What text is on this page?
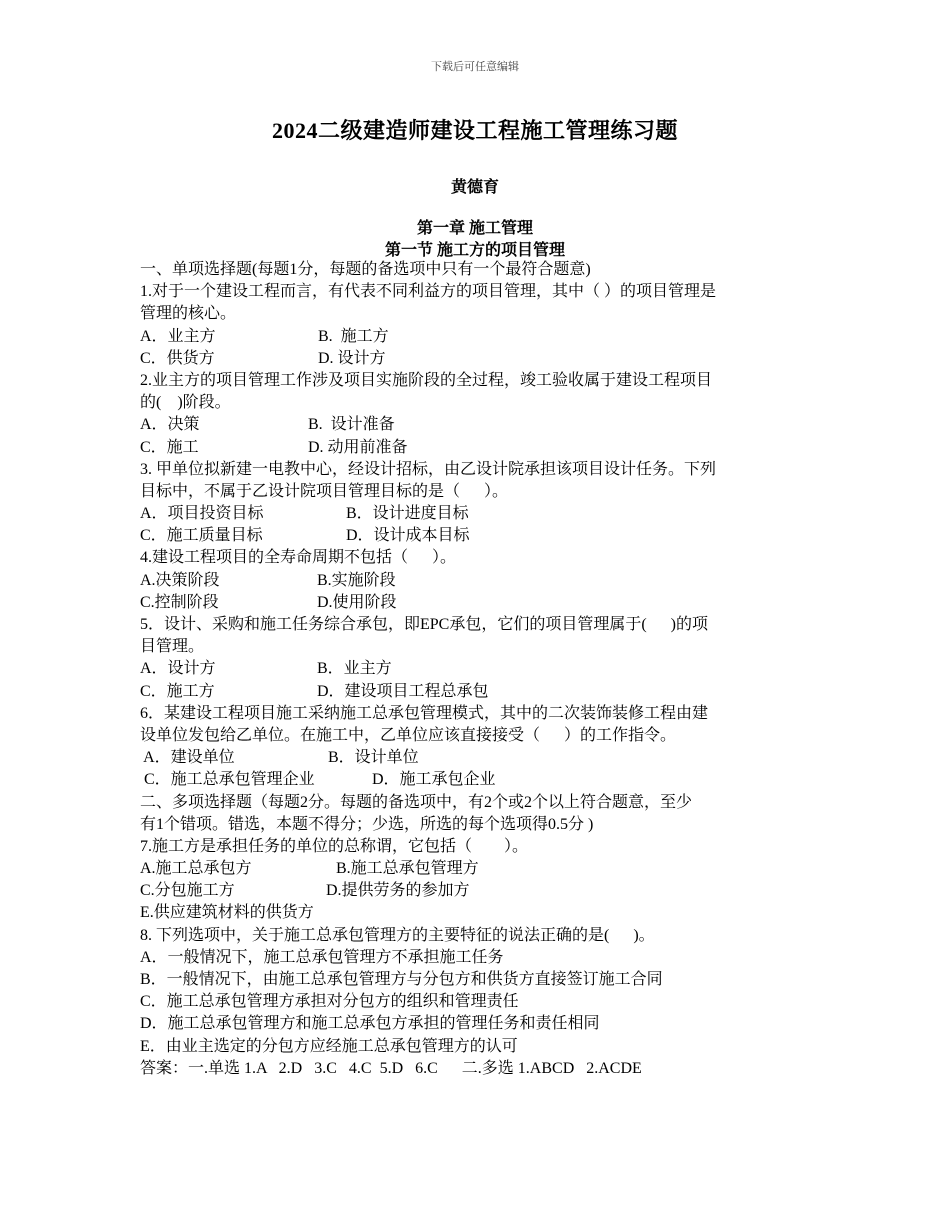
下载后可任意编辑
2024二级建造师建设工程施工管理练习题
黄德育
第一章 施工管理
第一节 施工方的项目管理
一、单项选择题(每题1分，每题的备选项中只有一个最符合题意)
1.对于一个建设工程而言，有代表不同利益方的项目管理，其中（ ）的项目管理是
管理的核心。
A．业主方	B.  施工方
C．供货方	D. 设计方
2.业主方的项目管理工作涉及项目实施阶段的全过程，竣工验收属于建设工程项目
的(    )阶段。
A．决策	B.  设计准备
C．施工	D. 动用前准备
3. 甲单位拟新建一电教中心，经设计招标，由乙设计院承担该项目设计任务。下列
目标中，不属于乙设计院项目管理目标的是（      ）。
A．项目投资目标	B．设计进度目标
C．施工质量目标	D．设计成本目标
4.建设工程项目的全寿命周期不包括（      ）。
A.决策阶段	B.实施阶段
C.控制阶段	D.使用阶段
5．设计、采购和施工任务综合承包，即EPC承包，它们的项目管理属于(      )的项
目管理。
A．设计方	B．业主方
C．施工方	D．建设项目工程总承包
6．某建设工程项目施工采纳施工总承包管理模式，其中的二次装饰装修工程由建
设单位发包给乙单位。在施工中，乙单位应该直接接受（      ）的工作指令。
A．建设单位	B．设计单位
C．施工总承包管理企业	D．施工承包企业
二、多项选择题（每题2分。每题的备选项中，有2个或2个以上符合题意，至少
有1个错项。错选，本题不得分；少选，所选的每个选项得0.5分 )
7.施工方是承担任务的单位的总称谓，它包括（        ）。
A.施工总承包方	B.施工总承包管理方
C.分包施工方	D.提供劳务的参加方
E.供应建筑材料的供货方
8. 下列选项中，关于施工总承包管理方的主要特征的说法正确的是(      )。
A．一般情况下，施工总承包管理方不承担施工任务
B．一般情况下，由施工总承包管理方与分包方和供货方直接签订施工合同
C．施工总承包管理方承担对分包方的组织和管理责任
D．施工总承包管理方和施工总承包方承担的管理任务和责任相同
E．由业主选定的分包方应经施工总承包管理方的认可
答案：一.单选 1.A   2.D   3.C   4.C  5.D   6.C      二.多选 1.ABCD   2.ACDE
